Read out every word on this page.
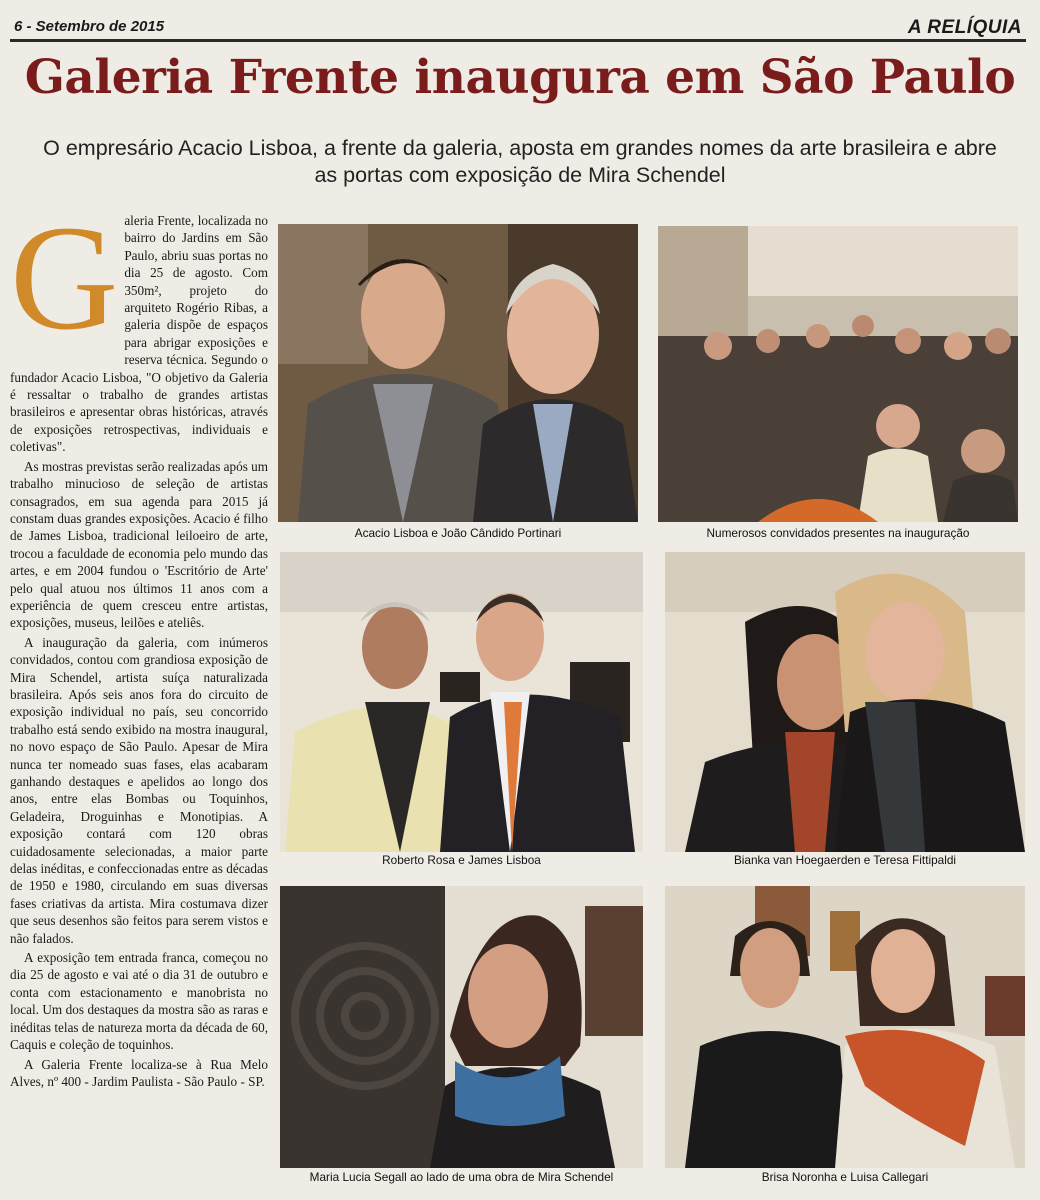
6 - Setembro de 2015	A RELÍQUIA
Galeria Frente inaugura em São Paulo
O empresário Acacio Lisboa, a frente da galeria, aposta em grandes nomes da arte brasileira e abre as portas com exposição de Mira Schendel
G aleria Frente, localizada no bairro do Jardins em São Paulo, abriu suas portas no dia 25 de agosto. Com 350m², projeto do arquiteto Rogério Ribas, a galeria dispõe de espaços para abrigar exposições e reserva técnica. Segundo o fundador Acacio Lisboa, "O objetivo da Galeria é ressaltar o trabalho de grandes artistas brasileiros e apresentar obras históricas, através de exposições retrospectivas, individuais e coletivas".

As mostras previstas serão realizadas após um trabalho minucioso de seleção de artistas consagrados, em sua agenda para 2015 já constam duas grandes exposições. Acacio é filho de James Lisboa, tradicional leiloeiro de arte, trocou a faculdade de economia pelo mundo das artes, e em 2004 fundou o 'Escritório de Arte' pelo qual atuou nos últimos 11 anos com a experiência de quem cresceu entre artistas, exposições, museus, leilões e ateliês.

A inauguração da galeria, com inúmeros convidados, contou com grandiosa exposição de Mira Schendel, artista suíça naturalizada brasileira. Após seis anos fora do circuito de exposição individual no país, seu concorrido trabalho está sendo exibido na mostra inaugural, no novo espaço de São Paulo. Apesar de Mira nunca ter nomeado suas fases, elas acabaram ganhando destaques e apelidos ao longo dos anos, entre elas Bombas ou Toquinhos, Geladeira, Droguinhas e Monotipias. A exposição contará com 120 obras cuidadosamente selecionadas, a maior parte delas inéditas, e confeccionadas entre as décadas de 1950 e 1980, circulando em suas diversas fases criativas da artista. Mira costumava dizer que seus desenhos são feitos para serem vistos e não falados.

A exposição tem entrada franca, começou no dia 25 de agosto e vai até o dia 31 de outubro e conta com estacionamento e manobrista no local. Um dos destaques da mostra são as raras e inéditas telas de natureza morta da década de 60, Caquis e coleção de toquinhos.

A Galeria Frente localiza-se à Rua Melo Alves, nº 400 - Jardim Paulista - São Paulo - SP.

Acacio Lisboa e João Cândido Portinari	Numerosos convidados presentes na inauguração
Roberto Rosa e James Lisboa	Bianka van Hoegaerden e Teresa Fittipaldi
Maria Lucia Segall ao lado de uma obra de Mira Schendel	Brisa Noronha e Luisa Callegari
